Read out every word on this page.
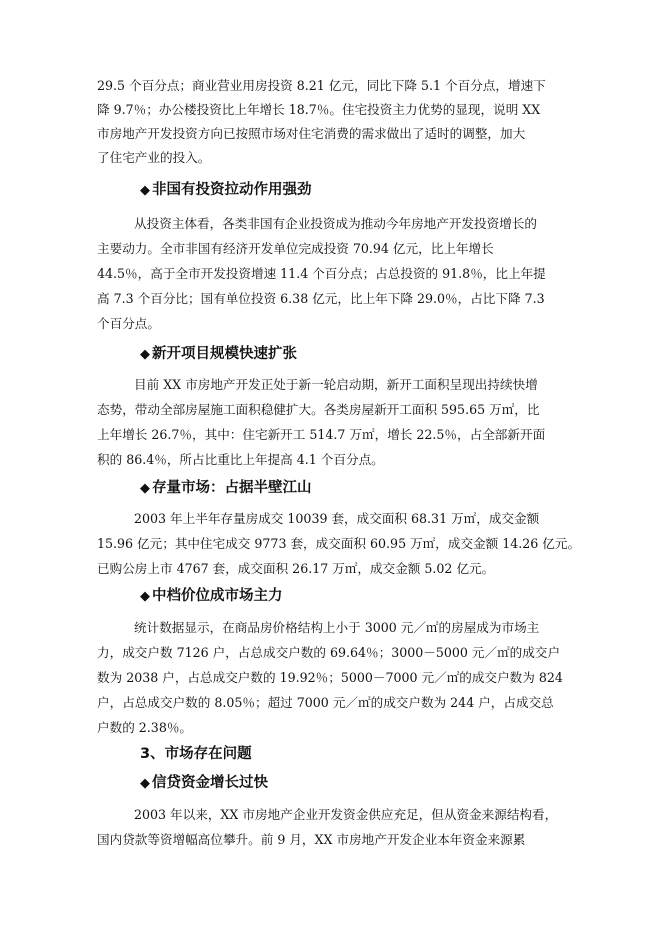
29.5 个百分点；商业营业用房投资 8.21 亿元，同比下降 5.1 个百分点，增速下
降 9.7％；办公楼投资比上年增长 18.7％。住宅投资主力优势的显现，说明 XX
市房地产开发投资方向已按照市场对住宅消费的需求做出了适时的调整，加大
了住宅产业的投入。
◆ 非国有投资拉动作用强劲
从投资主体看，各类非国有企业投资成为推动今年房地产开发投资增长的
主要动力。全市非国有经济开发单位完成投资 70.94 亿元，比上年增长
44.5％，高于全市开发投资增速 11.4 个百分点；占总投资的 91.8％，比上年提
高 7.3 个百分比；国有单位投资 6.38 亿元，比上年下降 29.0％，占比下降 7.3
个百分点。
◆ 新开项目规模快速扩张
目前 XX 市房地产开发正处于新一轮启动期，新开工面积呈现出持续快增
态势，带动全部房屋施工面积稳健扩大。各类房屋新开工面积 595.65 万㎡，比
上年增长 26.7％，其中：住宅新开工 514.7 万㎡，增长 22.5％，占全部新开面
积的 86.4％，所占比重比上年提高 4.1 个百分点。
◆ 存量市场：占据半壁江山
2003 年上半年存量房成交 10039 套，成交面积 68.31 万㎡，成交金额
15.96 亿元；其中住宅成交 9773 套，成交面积 60.95 万㎡，成交金额 14.26 亿元。
已购公房上市 4767 套，成交面积 26.17 万㎡，成交金额 5.02 亿元。
◆ 中档价位成市场主力
统计数据显示，在商品房价格结构上小于 3000 元／㎡的房屋成为市场主
力，成交户数 7126 户，占总成交户数的 69.64％；3000－5000 元／㎡的成交户
数为 2038 户，占总成交户数的 19.92％；5000－7000 元／㎡的成交户数为 824
户，占总成交户数的 8.05％；超过 7000 元／㎡的成交户数为 244 户，占成交总
户数的 2.38％。
3、市场存在问题
◆ 信贷资金增长过快
2003 年以来，XX 市房地产企业开发资金供应充足，但从资金来源结构看，
国内贷款等资增幅高位攀升。前 9 月，XX 市房地产开发企业本年资金来源累
